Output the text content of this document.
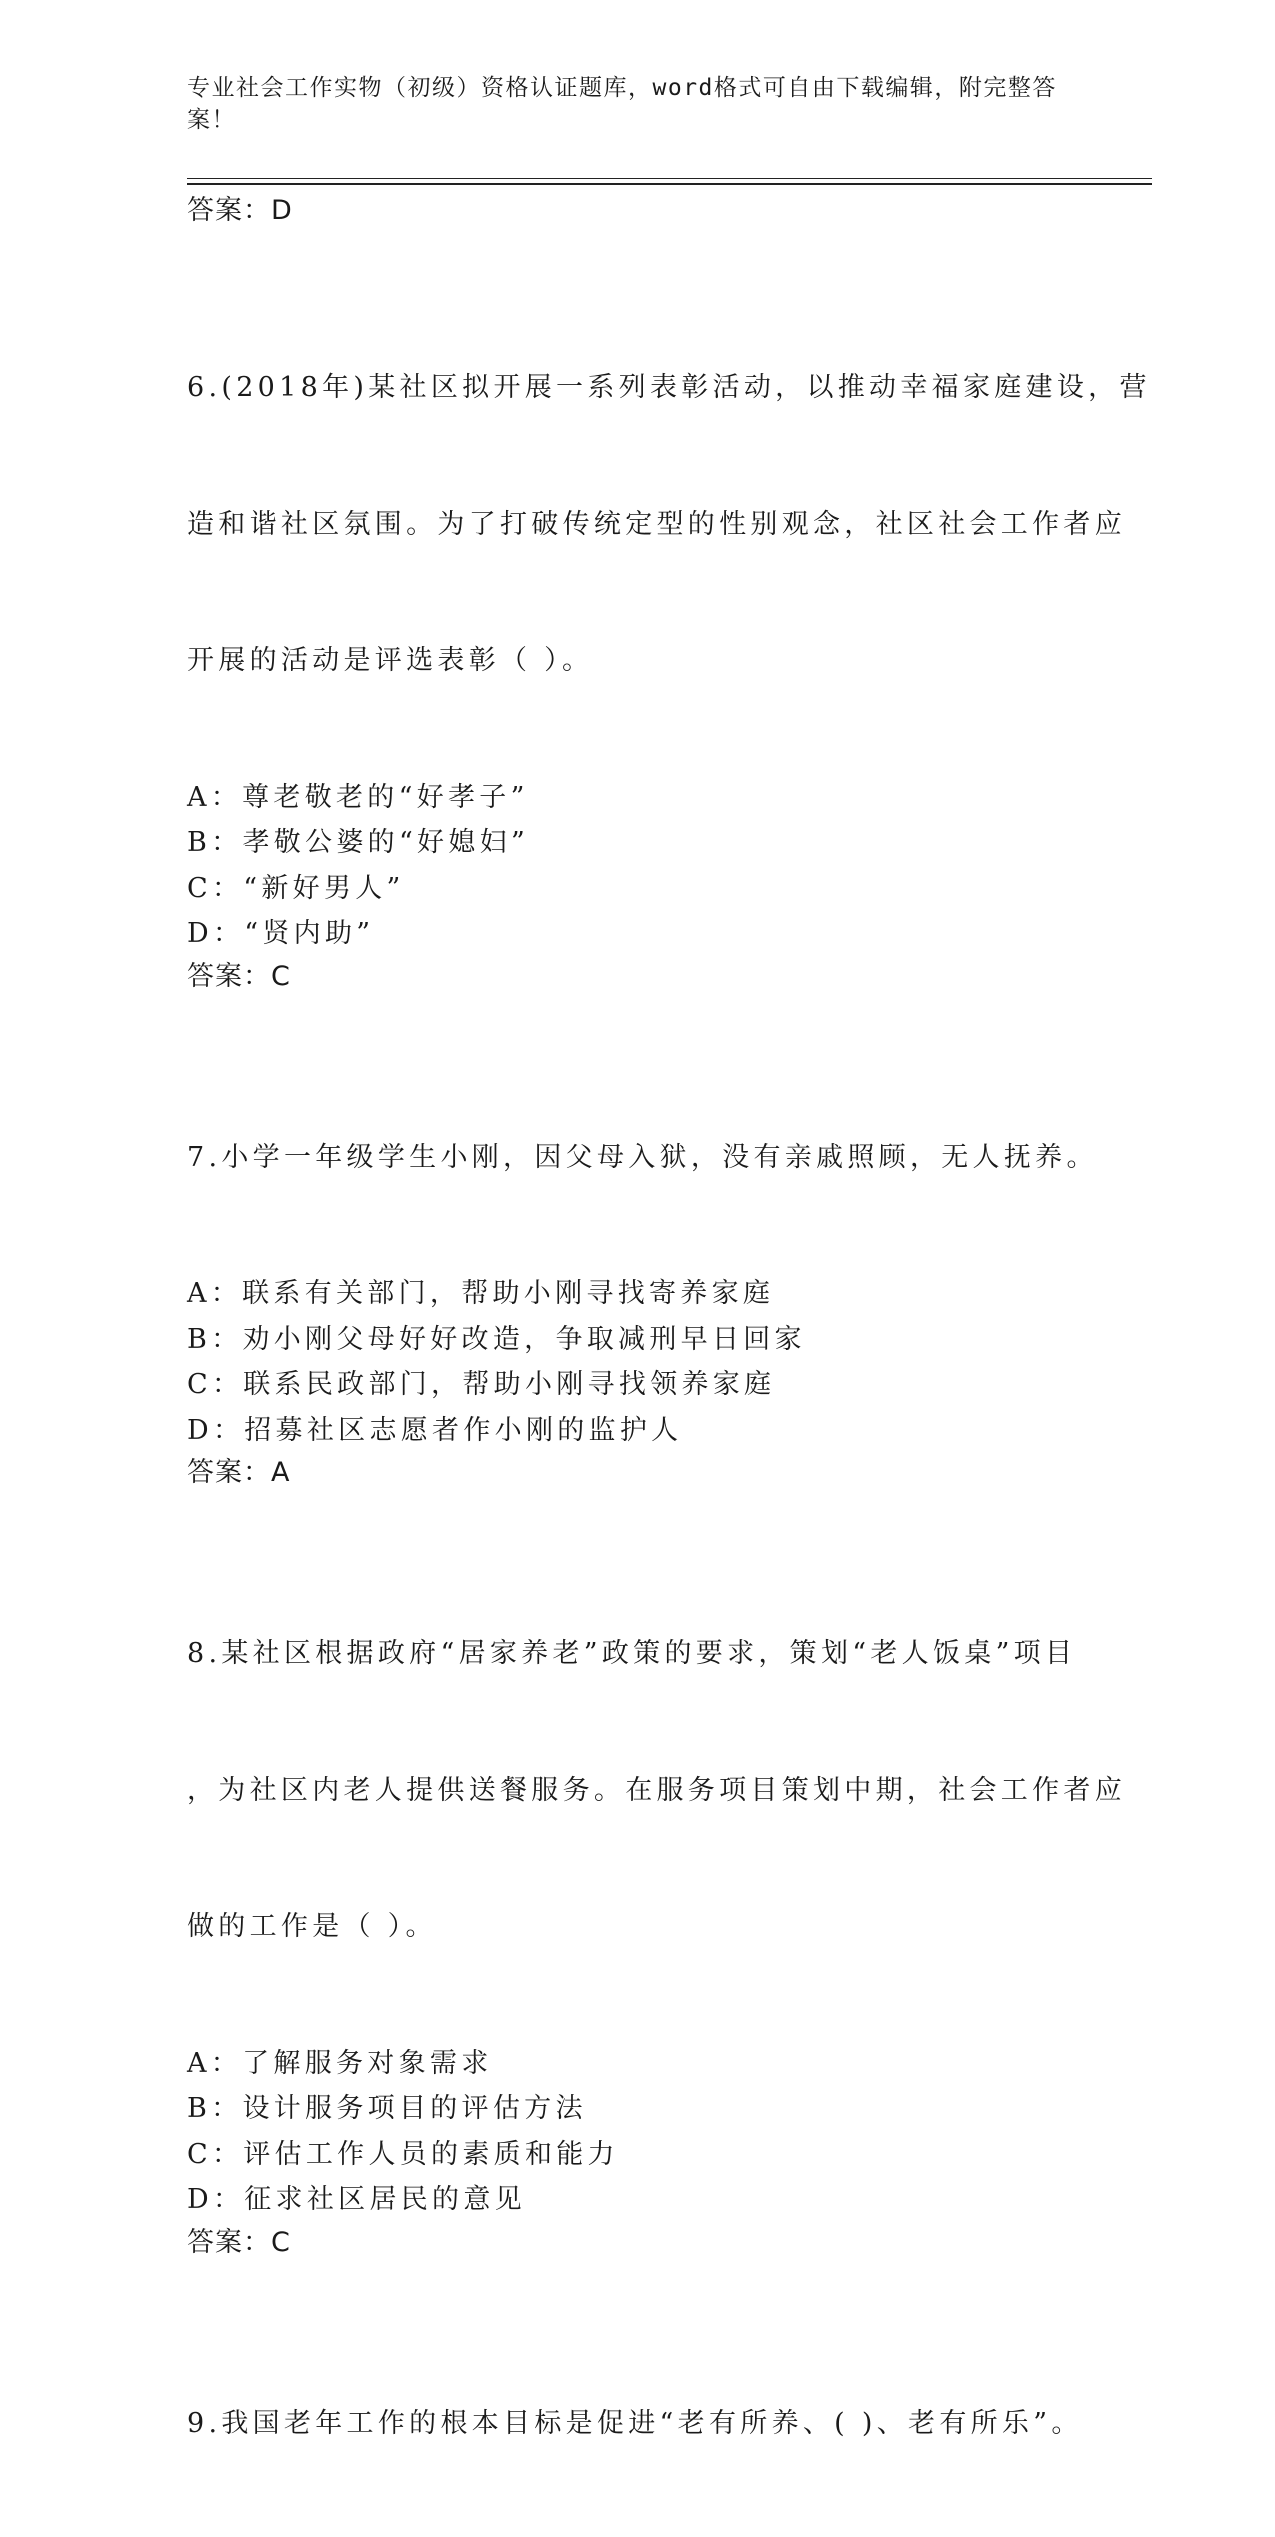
专业社会工作实物（初级）资格认证题库，word格式可自由下载编辑，附完整答案！
答案：D

6.(2018年)某社区拟开展一系列表彰活动，以推动幸福家庭建设，营

造和谐社区氛围。为了打破传统定型的性别观念，社区社会工作者应

开展的活动是评选表彰（ ）。

A：尊老敬老的“好孝子”
B：孝敬公婆的“好媳妇”
C：“新好男人”
D：“贤内助”
答案：C

7.小学一年级学生小刚，因父母入狱，没有亲戚照顾，无人抚养。

A：联系有关部门，帮助小刚寻找寄养家庭
B：劝小刚父母好好改造，争取减刑早日回家
C：联系民政部门，帮助小刚寻找领养家庭
D：招募社区志愿者作小刚的监护人
答案：A

8.某社区根据政府“居家养老”政策的要求，策划“老人饭桌”项目

，为社区内老人提供送餐服务。在服务项目策划中期，社会工作者应

做的工作是（ ）。

A：了解服务对象需求
B：设计服务项目的评估方法
C：评估工作人员的素质和能力
D：征求社区居民的意见
答案：C

9.我国老年工作的根本目标是促进“老有所养、( )、老有所乐”。
